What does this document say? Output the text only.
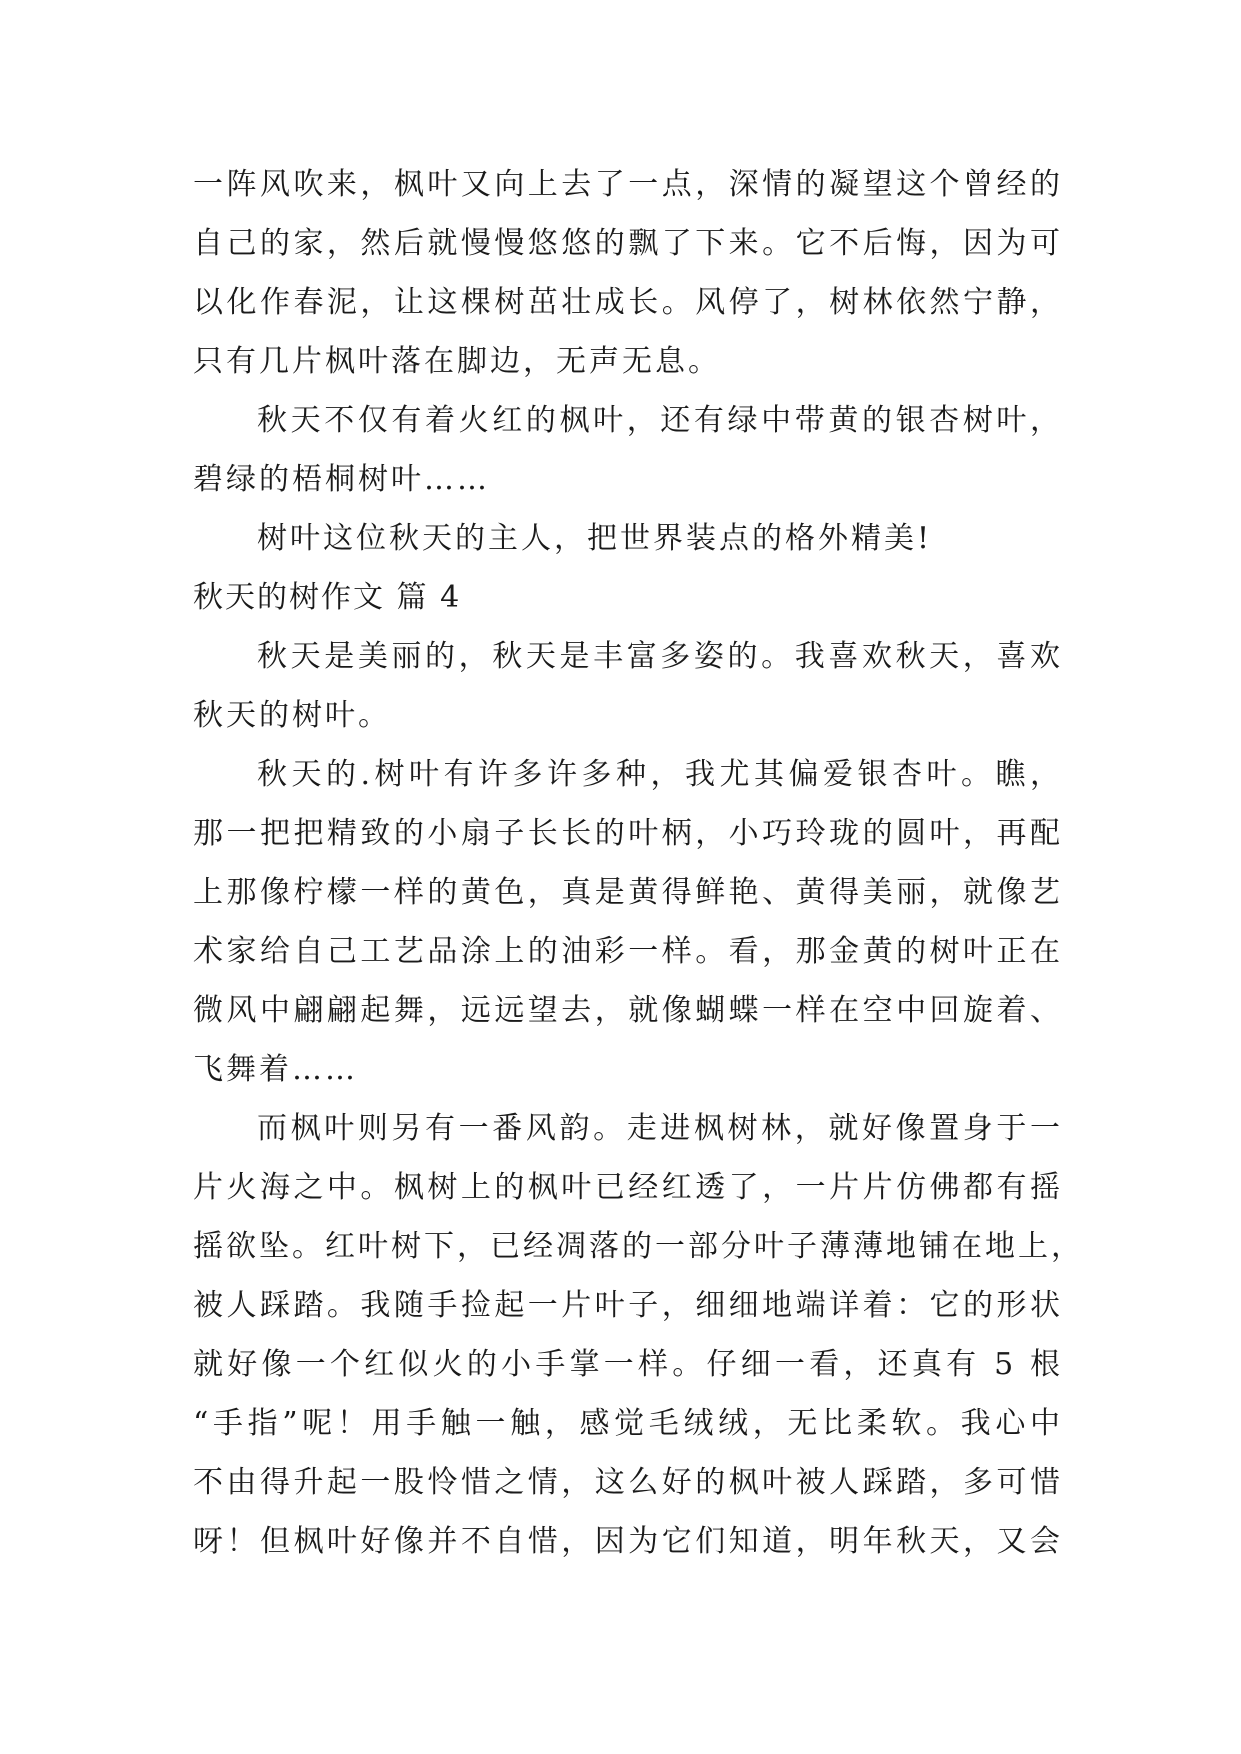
一阵风吹来，枫叶又向上去了一点，深情的凝望这个曾经的
自己的家，然后就慢慢悠悠的飘了下来。它不后悔，因为可
以化作春泥，让这棵树茁壮成长。风停了，树林依然宁静，
只有几片枫叶落在脚边，无声无息。
秋天不仅有着火红的枫叶，还有绿中带黄的银杏树叶，
碧绿的梧桐树叶……
树叶这位秋天的主人，把世界装点的格外精美!
秋天的树作文 篇 4
秋天是美丽的，秋天是丰富多姿的。我喜欢秋天，喜欢
秋天的树叶。
秋天的.树叶有许多许多种，我尤其偏爱银杏叶。瞧，
那一把把精致的小扇子长长的叶柄，小巧玲珑的圆叶，再配
上那像柠檬一样的黄色，真是黄得鲜艳、黄得美丽，就像艺
术家给自己工艺品涂上的油彩一样。看，那金黄的树叶正在
微风中翩翩起舞，远远望去，就像蝴蝶一样在空中回旋着、
飞舞着……
而枫叶则另有一番风韵。走进枫树林，就好像置身于一
片火海之中。枫树上的枫叶已经红透了，一片片仿佛都有摇
摇欲坠。红叶树下，已经凋落的一部分叶子薄薄地铺在地上，
被人踩踏。我随手捡起一片叶子，细细地端详着：它的形状
就好像一个红似火的小手掌一样。仔细一看，还真有 5 根
“手指”呢！用手触一触，感觉毛绒绒，无比柔软。我心中
不由得升起一股怜惜之情，这么好的枫叶被人踩踏，多可惜
呀！但枫叶好像并不自惜，因为它们知道，明年秋天，又会
